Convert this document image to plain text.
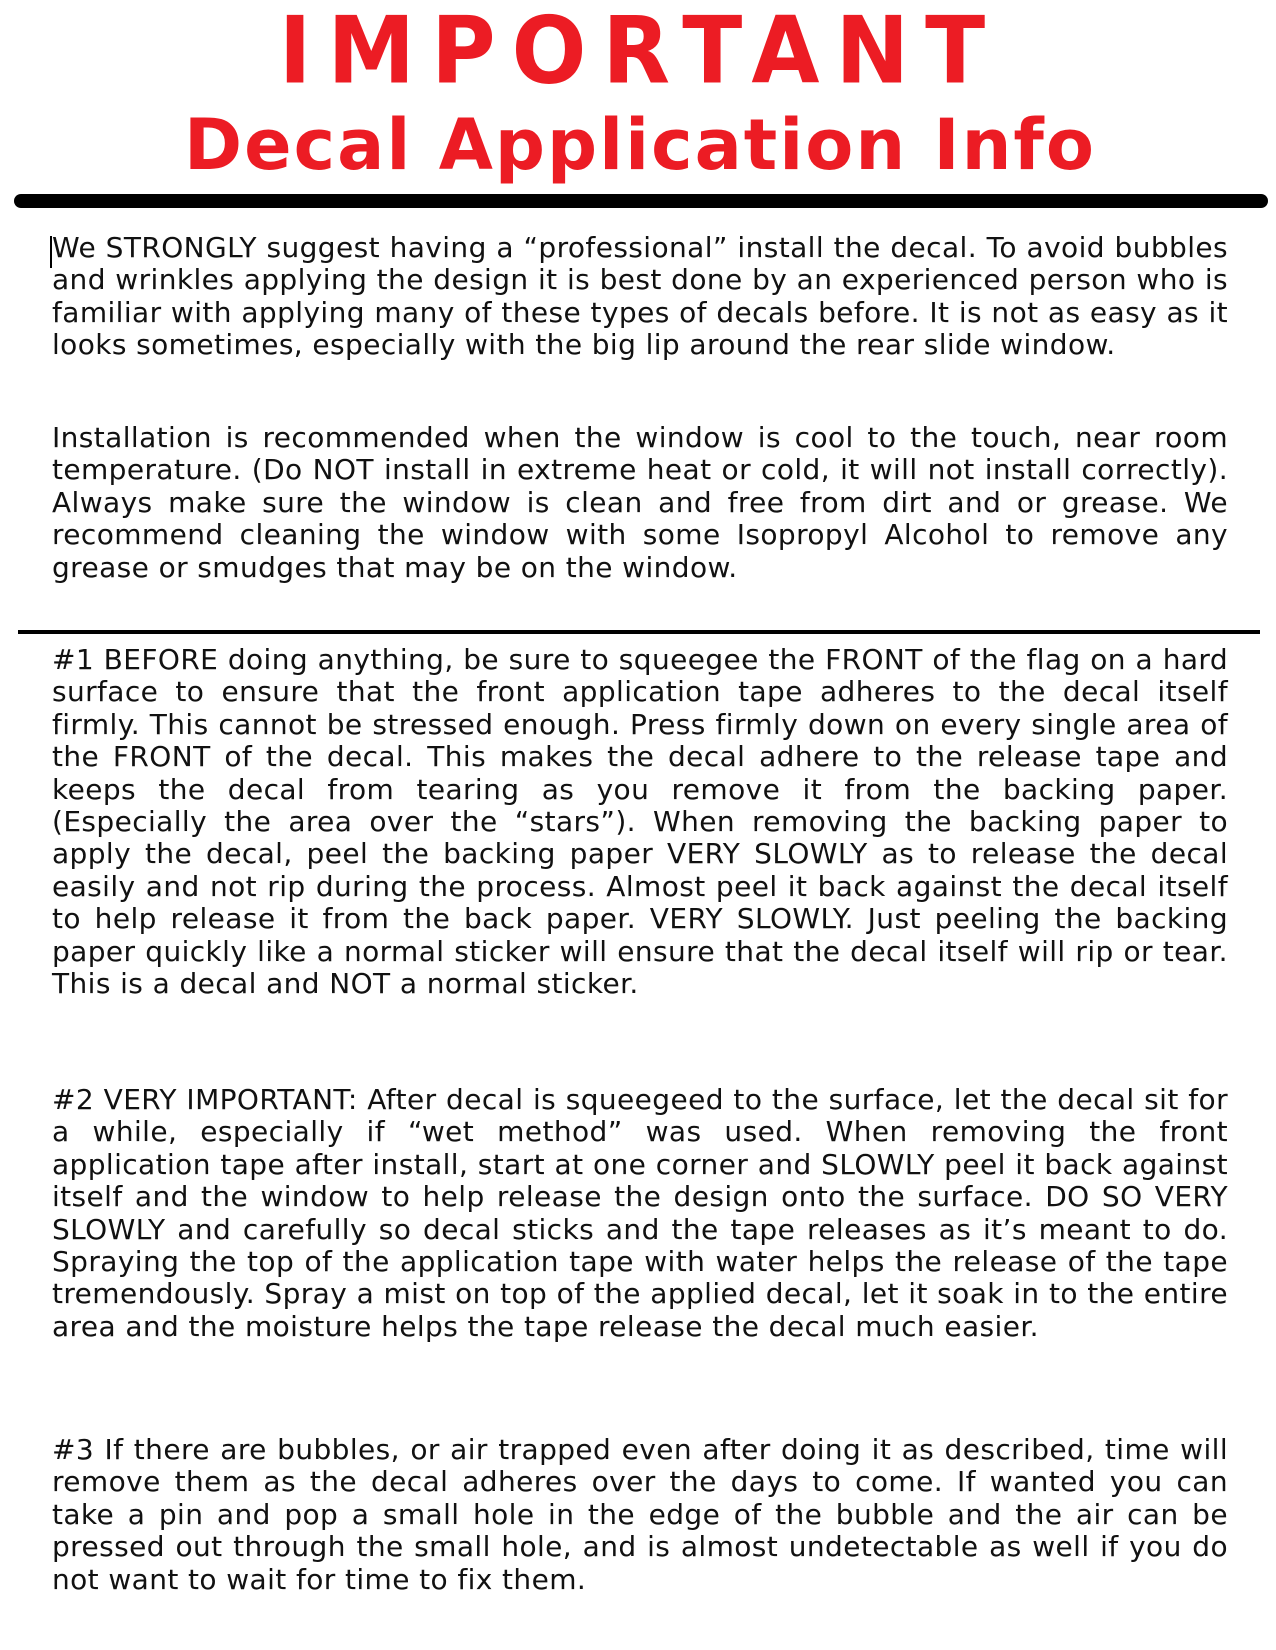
IMPORTANT
Decal Application Info

We STRONGLY suggest having a “professional” install the decal. To avoid bubbles and wrinkles applying the design it is best done by an experienced person who is familiar with applying many of these types of decals before. It is not as easy as it looks sometimes, especially with the big lip around the rear slide window.

Installation is recommended when the window is cool to the touch, near room temperature. (Do NOT install in extreme heat or cold, it will not install correctly). Always make sure the window is clean and free from dirt and or grease. We recommend cleaning the window with some Isopropyl Alcohol to remove any grease or smudges that may be on the window.

#1 BEFORE doing anything, be sure to squeegee the FRONT of the flag on a hard surface to ensure that the front application tape adheres to the decal itself firmly. This cannot be stressed enough. Press firmly down on every single area of the FRONT of the decal. This makes the decal adhere to the release tape and keeps the decal from tearing as you remove it from the backing paper. (Especially the area over the “stars”). When removing the backing paper to apply the decal, peel the backing paper VERY SLOWLY as to release the decal easily and not rip during the process. Almost peel it back against the decal itself to help release it from the back paper. VERY SLOWLY. Just peeling the backing paper quickly like a normal sticker will ensure that the decal itself will rip or tear. This is a decal and NOT a normal sticker.

#2 VERY IMPORTANT: After decal is squeegeed to the surface, let the decal sit for a while, especially if “wet method” was used. When removing the front application tape after install, start at one corner and SLOWLY peel it back against itself and the window to help release the design onto the surface. DO SO VERY SLOWLY and carefully so decal sticks and the tape releases as it’s meant to do. Spraying the top of the application tape with water helps the release of the tape tremendously. Spray a mist on top of the applied decal, let it soak in to the entire area and the moisture helps the tape release the decal much easier.

#3 If there are bubbles, or air trapped even after doing it as described, time will remove them as the decal adheres over the days to come. If wanted you can take a pin and pop a small hole in the edge of the bubble and the air can be pressed out through the small hole, and is almost undetectable as well if you do not want to wait for time to fix them.
